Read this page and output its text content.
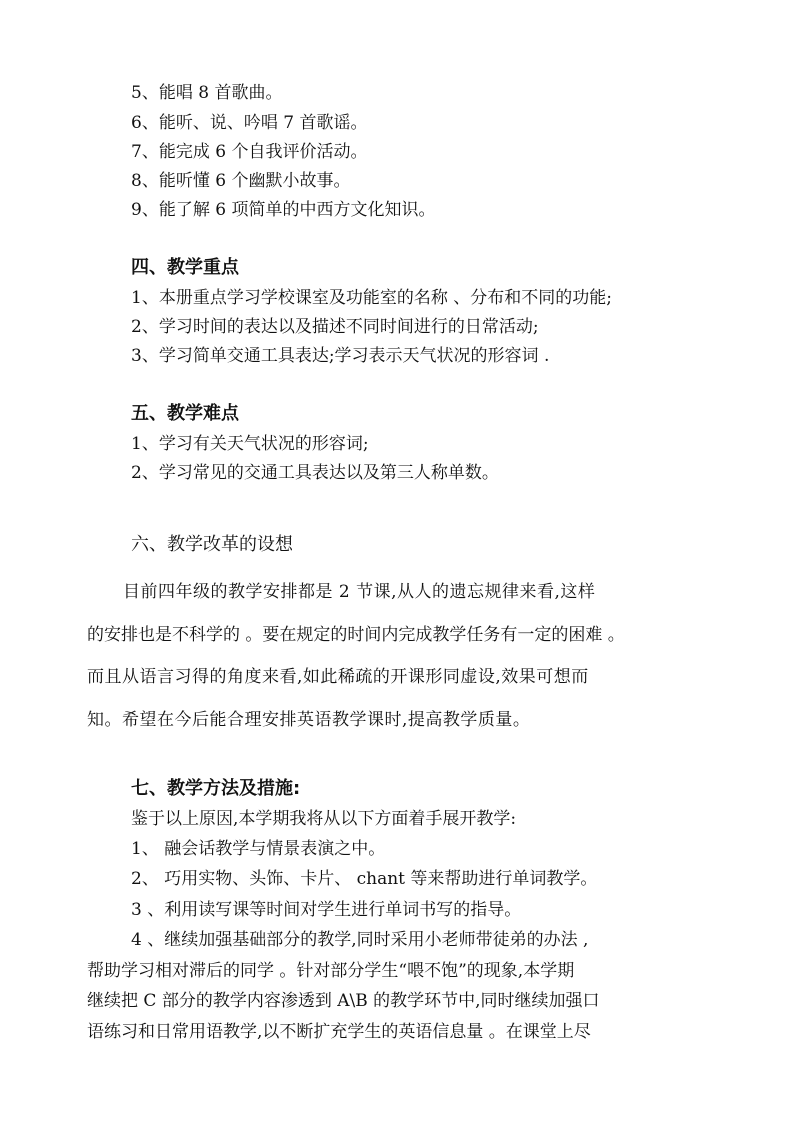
5、能唱 8 首歌曲。
6、能听、说、吟唱 7 首歌谣。
7、能完成 6 个自我评价活动。
8、能听懂 6 个幽默小故事。
9、能了解 6 项简单的中西方文化知识。
四、教学重点
1、本册重点学习学校课室及功能室的名称 、分布和不同的功能;
2、学习时间的表达以及描述不同时间进行的日常活动;
3、学习简单交通工具表达;学习表示天气状况的形容词 .
五、教学难点
1、学习有关天气状况的形容词;
2、学习常见的交通工具表达以及第三人称单数。
六、教学改革的设想
目前四年级的教学安排都是 2 节课,从人的遗忘规律来看,这样
的安排也是不科学的 。要在规定的时间内完成教学任务有一定的困难 。
而且从语言习得的角度来看,如此稀疏的开课形同虚设,效果可想而
知。希望在今后能合理安排英语教学课时,提高教学质量。
七、教学方法及措施:
鉴于以上原因,本学期我将从以下方面着手展开教学:
1、 融会话教学与情景表演之中。
2、 巧用实物、头饰、卡片、 chant 等来帮助进行单词教学。
3 、利用读写课等时间对学生进行单词书写的指导。
4 、继续加强基础部分的教学,同时采用小老师带徒弟的办法 ,
帮助学习相对滞后的同学 。针对部分学生“喂不饱”的现象,本学期
继续把 C 部分的教学内容渗透到 A\B 的教学环节中,同时继续加强口
语练习和日常用语教学,以不断扩充学生的英语信息量 。在课堂上尽
